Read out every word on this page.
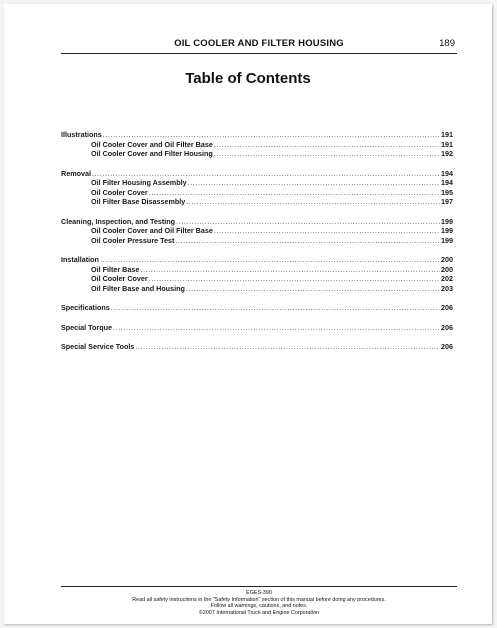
OIL COOLER AND FILTER HOUSING	189
Table of Contents
Illustrations .....	191
Oil Cooler Cover and Oil Filter Base .....	191
Oil Cooler Cover and Filter Housing .....	192
Removal .....	194
Oil Filter Housing Assembly .....	194
Oil Cooler Cover .....	195
Oil Filter Base Disassembly .....	197
Cleaning, Inspection, and Testing .....	199
Oil Cooler Cover and Oil Filter Base .....	199
Oil Cooler Pressure Test .....	199
Installation .....	200
Oil Filter Base .....	200
Oil Cooler Cover .....	202
Oil Filter Base and Housing .....	203
Specifications .....	206
Special Torque .....	206
Special Service Tools .....	206
EGES-390
Read all safety instructions in the "Safety Information" section of this manual before doing any procedures.
Follow all warnings, cautions, and notes.
©2007 International Truck and Engine Corporation
